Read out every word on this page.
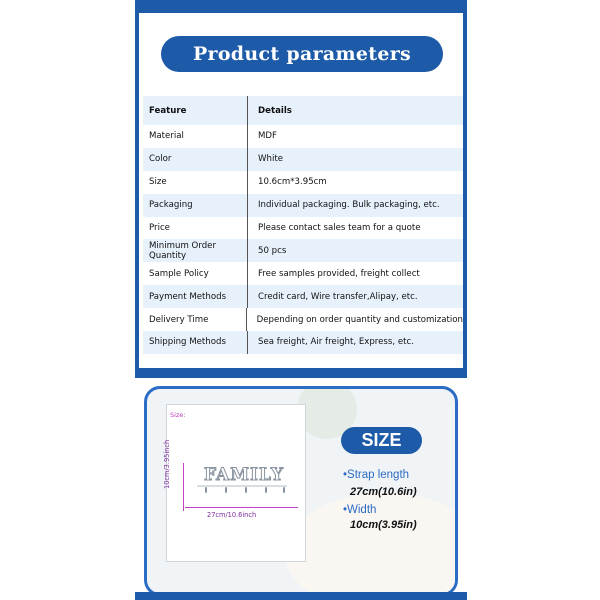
Product parameters
Feature	Details
Material	MDF
Color	White
Size	10.6cm*3.95cm
Packaging	Individual packaging. Bulk packaging, etc.
Price	Please contact sales team for a quote
Minimum Order Quantity	50 pcs
Sample Policy	Free samples provided, freight collect
Payment Methods	Credit card, Wire transfer,Alipay, etc.
Delivery Time	Depending on order quantity and customization
Shipping Methods	Sea freight, Air freight, Express, etc.
Size:
FAMILY
10cm/3.95inch
27cm/10.6inch
SIZE
•Strap length
27cm(10.6in)
•Width
10cm(3.95in)
